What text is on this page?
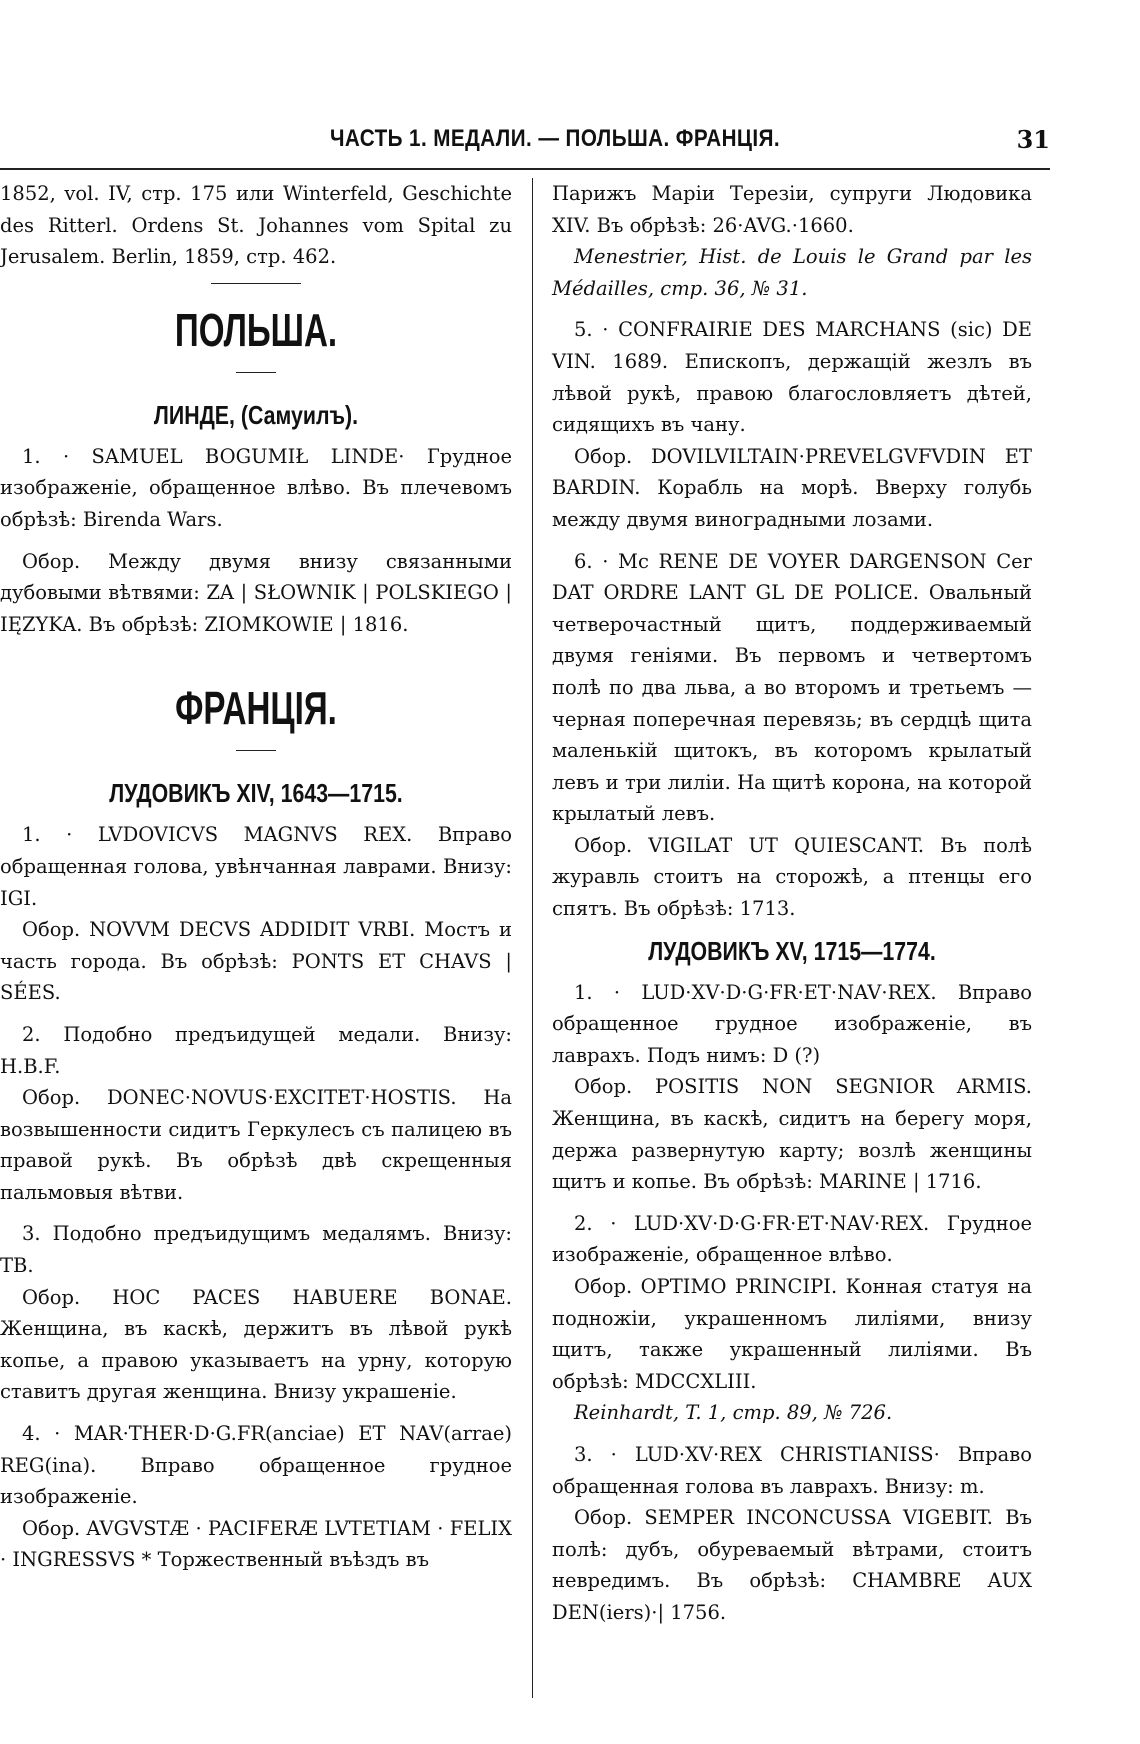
ЧАСТЬ 1. МЕДАЛИ. — ПОЛЬША. ФРАНЦІЯ.	31

1852, vol. IV, стр. 175 или Winterfeld, Geschichte des Ritterl. Ordens St. Johannes vom Spital zu Jerusalem. Berlin, 1859, стр. 462.

ПОЛЬША.

ЛИНДЕ, (Самуилъ).

1. · SAMUEL BOGUMIŁ LINDE· Грудное изображеніе, обращенное влѣво. Въ плечевомъ обрѣзѣ: Birenda Wars.

Обор. Между двумя внизу связанными дубовыми вѣтвями: ZA | SŁOWNIK | POLSKIEGO | IĘZYKA. Въ обрѣзѣ: ZIOMKOWIE | 1816.

ФРАНЦІЯ.

ЛУДОВИКЪ XIV, 1643—1715.

1. · LVDOVICVS MAGNVS REX. Вправо обращенная голова, увѣнчанная лаврами. Внизу: IGI.

Обор. NOVVM DECVS ADDIDIT VRBI. Мостъ и часть города. Въ обрѣзѣ: PONTS ET CHAVS | SÉES.

2. Подобно предъидущей медали. Внизу: H.B.F.

Обор. DONEC·NOVUS·EXCITET·HOSTIS. На возвышенности сидитъ Геркулесъ съ палицею въ правой рукѣ. Въ обрѣзѣ двѣ скрещенныя пальмовыя вѣтви.

3. Подобно предъидущимъ медалямъ. Внизу: TB.

Обор. HOC PACES HABUERE BONAE. Женщина, въ каскѣ, держитъ въ лѣвой рукѣ копье, а правою указываетъ на урну, которую ставитъ другая женщина. Внизу украшеніе.

4. · MAR·THER·D·G.FR(anciae) ET NAV(arrae) REG(ina). Вправо обращенное грудное изображеніе.

Обор. AVGVSTÆ · PACIFERÆ LVTETIAM · FELIX · INGRESSVS * Торжественный въѣздъ въ

Парижъ Маріи Терезіи, супруги Людовика XIV. Въ обрѣзѣ: 26·AVG.·1660.

Menestrier, Hist. de Louis le Grand par les Médailles, стр. 36, № 31.

5. · CONFRAIRIE DES MARCHANS (sic) DE VIN. 1689. Епископъ, держащій жезлъ въ лѣвой рукѣ, правою благословляетъ дѣтей, сидящихъ въ чану.

Обор. DOVILVILTAIN·PREVELGVFVDIN ET BARDIN. Корабль на морѣ. Вверху голубь между двумя виноградными лозами.

6. · Mc RENE DE VOYER DARGENSON Cer DAT ORDRE LANT GL DE POLICE. Овальный четверочастный щитъ, поддерживаемый двумя геніями. Въ первомъ и четвертомъ полѣ по два льва, а во второмъ и третьемъ — черная поперечная перевязь; въ сердцѣ щита маленькій щитокъ, въ которомъ крылатый левъ и три лиліи. На щитѣ корона, на которой крылатый левъ.

Обор. VIGILAT UT QUIESCANT. Въ полѣ журавль стоитъ на сторожѣ, а птенцы его спятъ. Въ обрѣзѣ: 1713.

ЛУДОВИКЪ XV, 1715—1774.

1. · LUD·XV·D·G·FR·ET·NAV·REX. Вправо обращенное грудное изображеніе, въ лаврахъ. Подъ нимъ: D (?)

Обор. POSITIS NON SEGNIOR ARMIS. Женщина, въ каскѣ, сидитъ на берегу моря, держа развернутую карту; возлѣ женщины щитъ и копье. Въ обрѣзѣ: MARINE | 1716.

2. · LUD·XV·D·G·FR·ET·NAV·REX. Грудное изображеніе, обращенное влѣво.

Обор. OPTIMO PRINCIPI. Конная статуя на подножіи, украшенномъ лиліями, внизу щитъ, также украшенный лиліями. Въ обрѣзѣ: MDCCXLIII.

Reinhardt, T. 1, стр. 89, № 726.

3. · LUD·XV·REX CHRISTIANISS· Вправо обращенная голова въ лаврахъ. Внизу: m.

Обор. SEMPER INCONCUSSA VIGEBIT. Въ полѣ: дубъ, обуреваемый вѣтрами, стоитъ невредимъ. Въ обрѣзѣ: CHAMBRE AUX DEN(iers)·| 1756.
